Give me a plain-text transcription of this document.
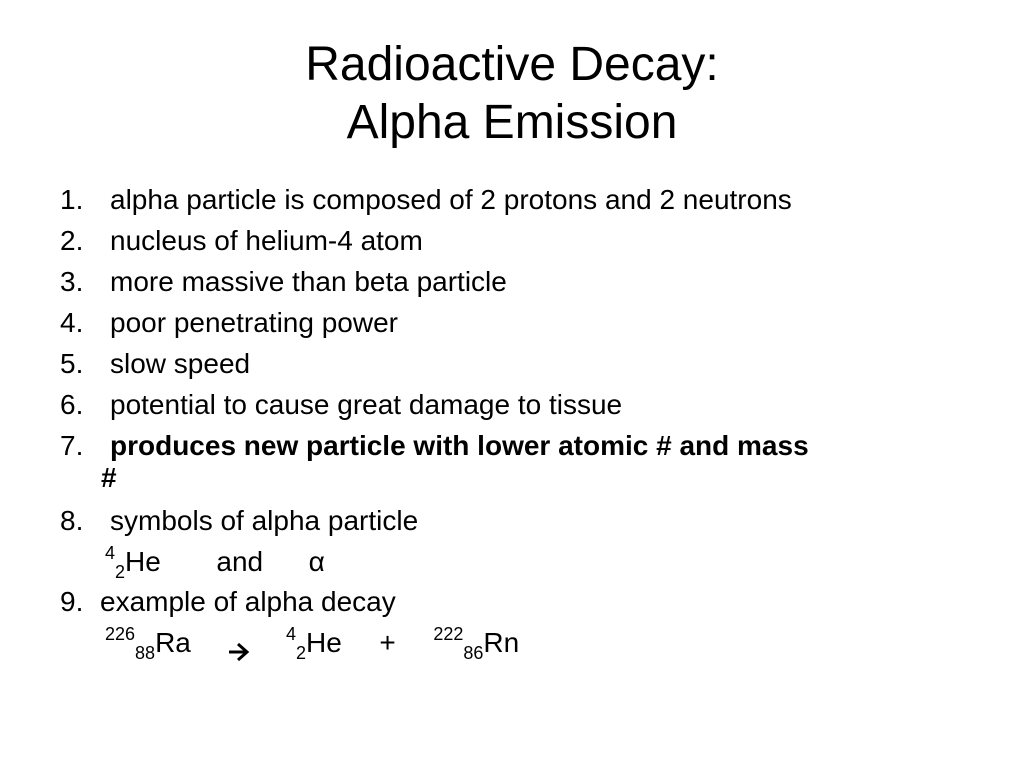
Radioactive Decay:
Alpha Emission
1. alpha particle is composed of 2 protons and 2 neutrons
2. nucleus of helium-4 atom
3. more massive than beta particle
4. poor penetrating power
5. slow speed
6. potential to cause great damage to tissue
7. produces new particle with lower atomic # and mass
#
8. symbols of alpha particle
$^4_2$He and α
9. example of alpha decay
$^{226}_{88}$Ra	$^4_2$He + $^{222}_{86}$Rn
